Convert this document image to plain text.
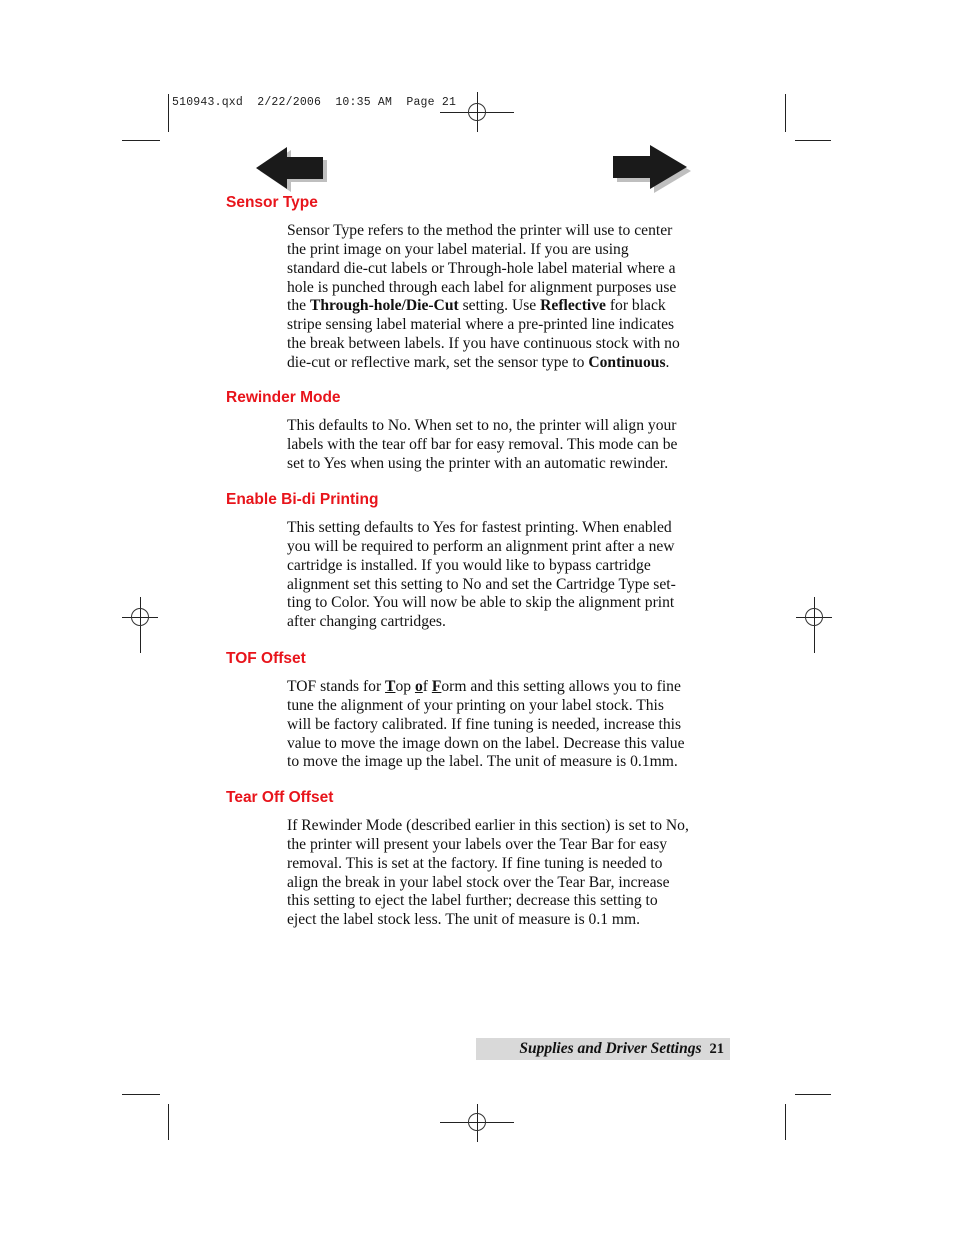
510943.qxd  2/22/2006  10:35 AM  Page 21
Sensor Type
Sensor Type refers to the method the printer will use to center
the print image on your label material. If you are using
standard die-cut labels or Through-hole label material where a
hole is punched through each label for alignment purposes use
the Through-hole/Die-Cut setting. Use Reflective for black
stripe sensing label material where a pre-printed line indicates
the break between labels. If you have continuous stock with no
die-cut or reflective mark, set the sensor type to Continuous.
Rewinder Mode
This defaults to No. When set to no, the printer will align your
labels with the tear off bar for easy removal. This mode can be
set to Yes when using the printer with an automatic rewinder.
Enable Bi-di Printing
This setting defaults to Yes for fastest printing. When enabled
you will be required to perform an alignment print after a new
cartridge is installed. If you would like to bypass cartridge
alignment set this setting to No and set the Cartridge Type set-
ting to Color. You will now be able to skip the alignment print
after changing cartridges.
TOF Offset
TOF stands for Top of Form and this setting allows you to fine
tune the alignment of your printing on your label stock. This
will be factory calibrated. If fine tuning is needed, increase this
value to move the image down on the label. Decrease this value
to move the image up the label. The unit of measure is 0.1mm.
Tear Off Offset
If Rewinder Mode (described earlier in this section) is set to No,
the printer will present your labels over the Tear Bar for easy
removal. This is set at the factory. If fine tuning is needed to
align the break in your label stock over the Tear Bar, increase
this setting to eject the label further; decrease this setting to
eject the label stock less. The unit of measure is 0.1 mm.
Supplies and Driver Settings 21
